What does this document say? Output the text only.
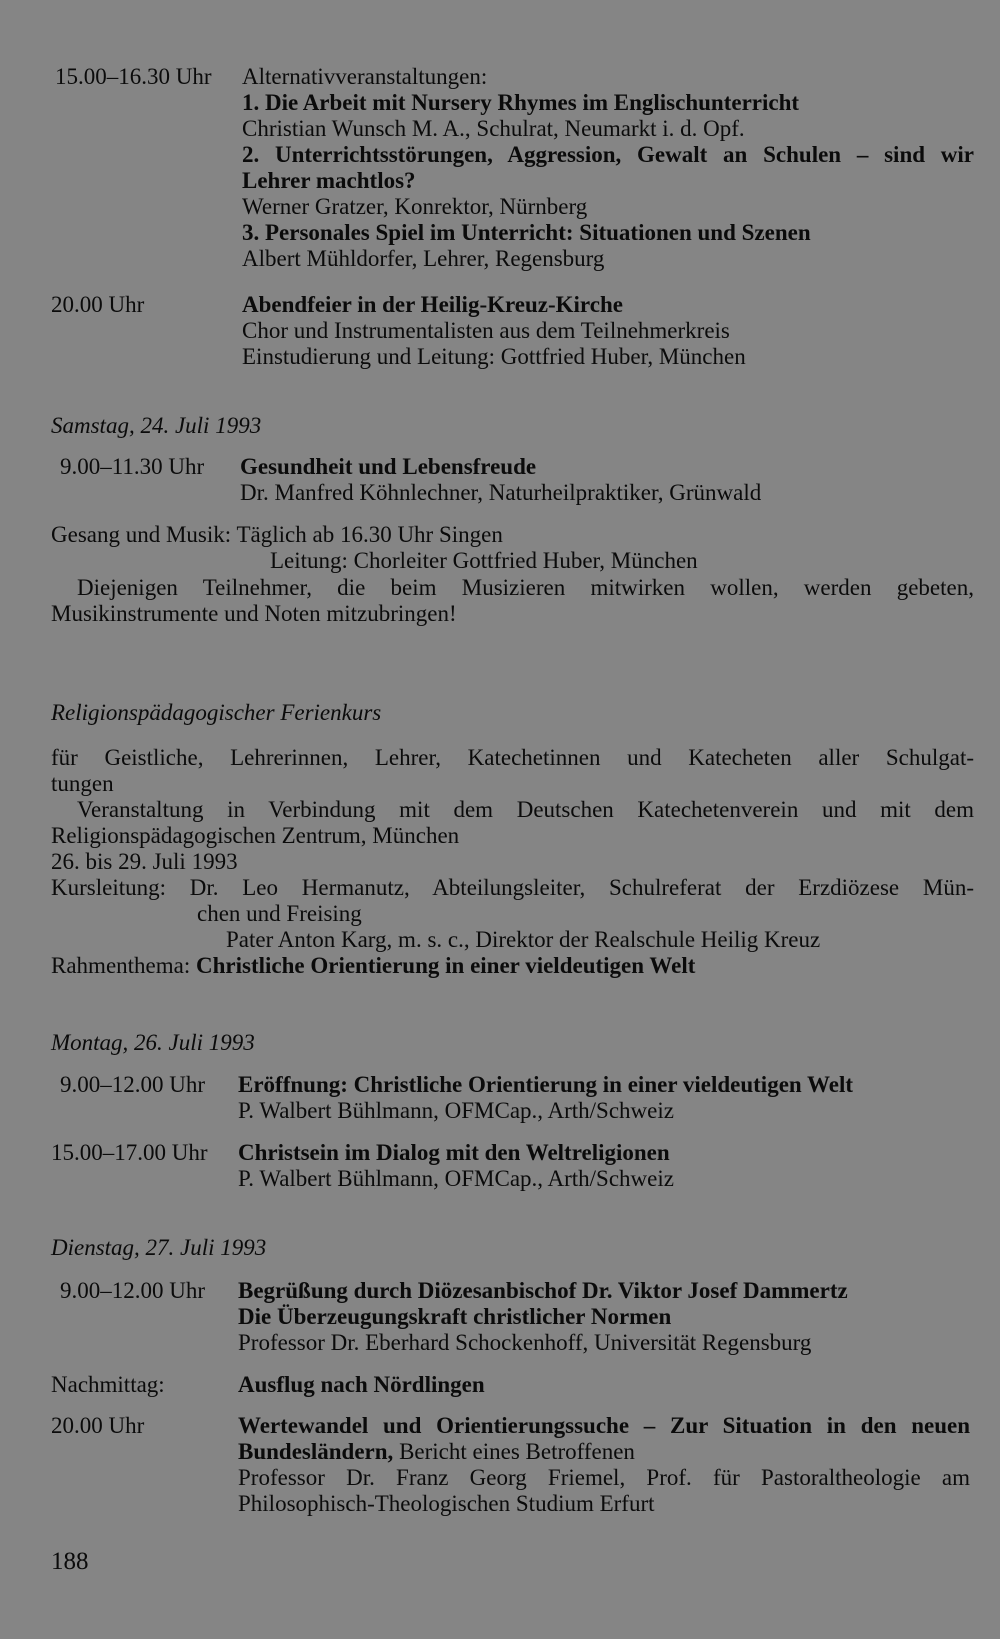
15.00–16.30 Uhr Alternativveranstaltungen:
1. Die Arbeit mit Nursery Rhymes im Englischunterricht
Christian Wunsch M. A., Schulrat, Neumarkt i. d. Opf.
2. Unterrichtsstörungen, Aggression, Gewalt an Schulen – sind wir
Lehrer machtlos?
Werner Gratzer, Konrektor, Nürnberg
3. Personales Spiel im Unterricht: Situationen und Szenen
Albert Mühldorfer, Lehrer, Regensburg
20.00 Uhr	Abendfeier in der Heilig-Kreuz-Kirche
Chor und Instrumentalisten aus dem Teilnehmerkreis
Einstudierung und Leitung: Gottfried Huber, München
Samstag, 24. Juli 1993
9.00–11.30 Uhr Gesundheit und Lebensfreude
Dr. Manfred Köhnlechner, Naturheilpraktiker, Grünwald
Gesang und Musik: Täglich ab 16.30 Uhr Singen
Leitung: Chorleiter Gottfried Huber, München
Diejenigen Teilnehmer, die beim Musizieren mitwirken wollen, werden gebeten,
Musikinstrumente und Noten mitzubringen!
Religionspädagogischer Ferienkurs
für Geistliche, Lehrerinnen, Lehrer, Katechetinnen und Katecheten aller Schulgat-
tungen
Veranstaltung in Verbindung mit dem Deutschen Katechetenverein und mit dem
Religionspädagogischen Zentrum, München
26. bis 29. Juli 1993
Kursleitung: Dr. Leo Hermanutz, Abteilungsleiter, Schulreferat der Erzdiözese Mün-
chen und Freising
Pater Anton Karg, m. s. c., Direktor der Realschule Heilig Kreuz
Rahmenthema: Christliche Orientierung in einer vieldeutigen Welt
Montag, 26. Juli 1993
9.00–12.00 Uhr Eröffnung: Christliche Orientierung in einer vieldeutigen Welt
P. Walbert Bühlmann, OFMCap., Arth/Schweiz
15.00–17.00 Uhr Christsein im Dialog mit den Weltreligionen
P. Walbert Bühlmann, OFMCap., Arth/Schweiz
Dienstag, 27. Juli 1993
9.00–12.00 Uhr Begrüßung durch Diözesanbischof Dr. Viktor Josef Dammertz
Die Überzeugungskraft christlicher Normen
Professor Dr. Eberhard Schockenhoff, Universität Regensburg
Nachmittag:	Ausflug nach Nördlingen
20.00 Uhr	Wertewandel und Orientierungssuche – Zur Situation in den neuen
Bundesländern, Bericht eines Betroffenen
Professor Dr. Franz Georg Friemel, Prof. für Pastoraltheologie am
Philosophisch-Theologischen Studium Erfurt
188
